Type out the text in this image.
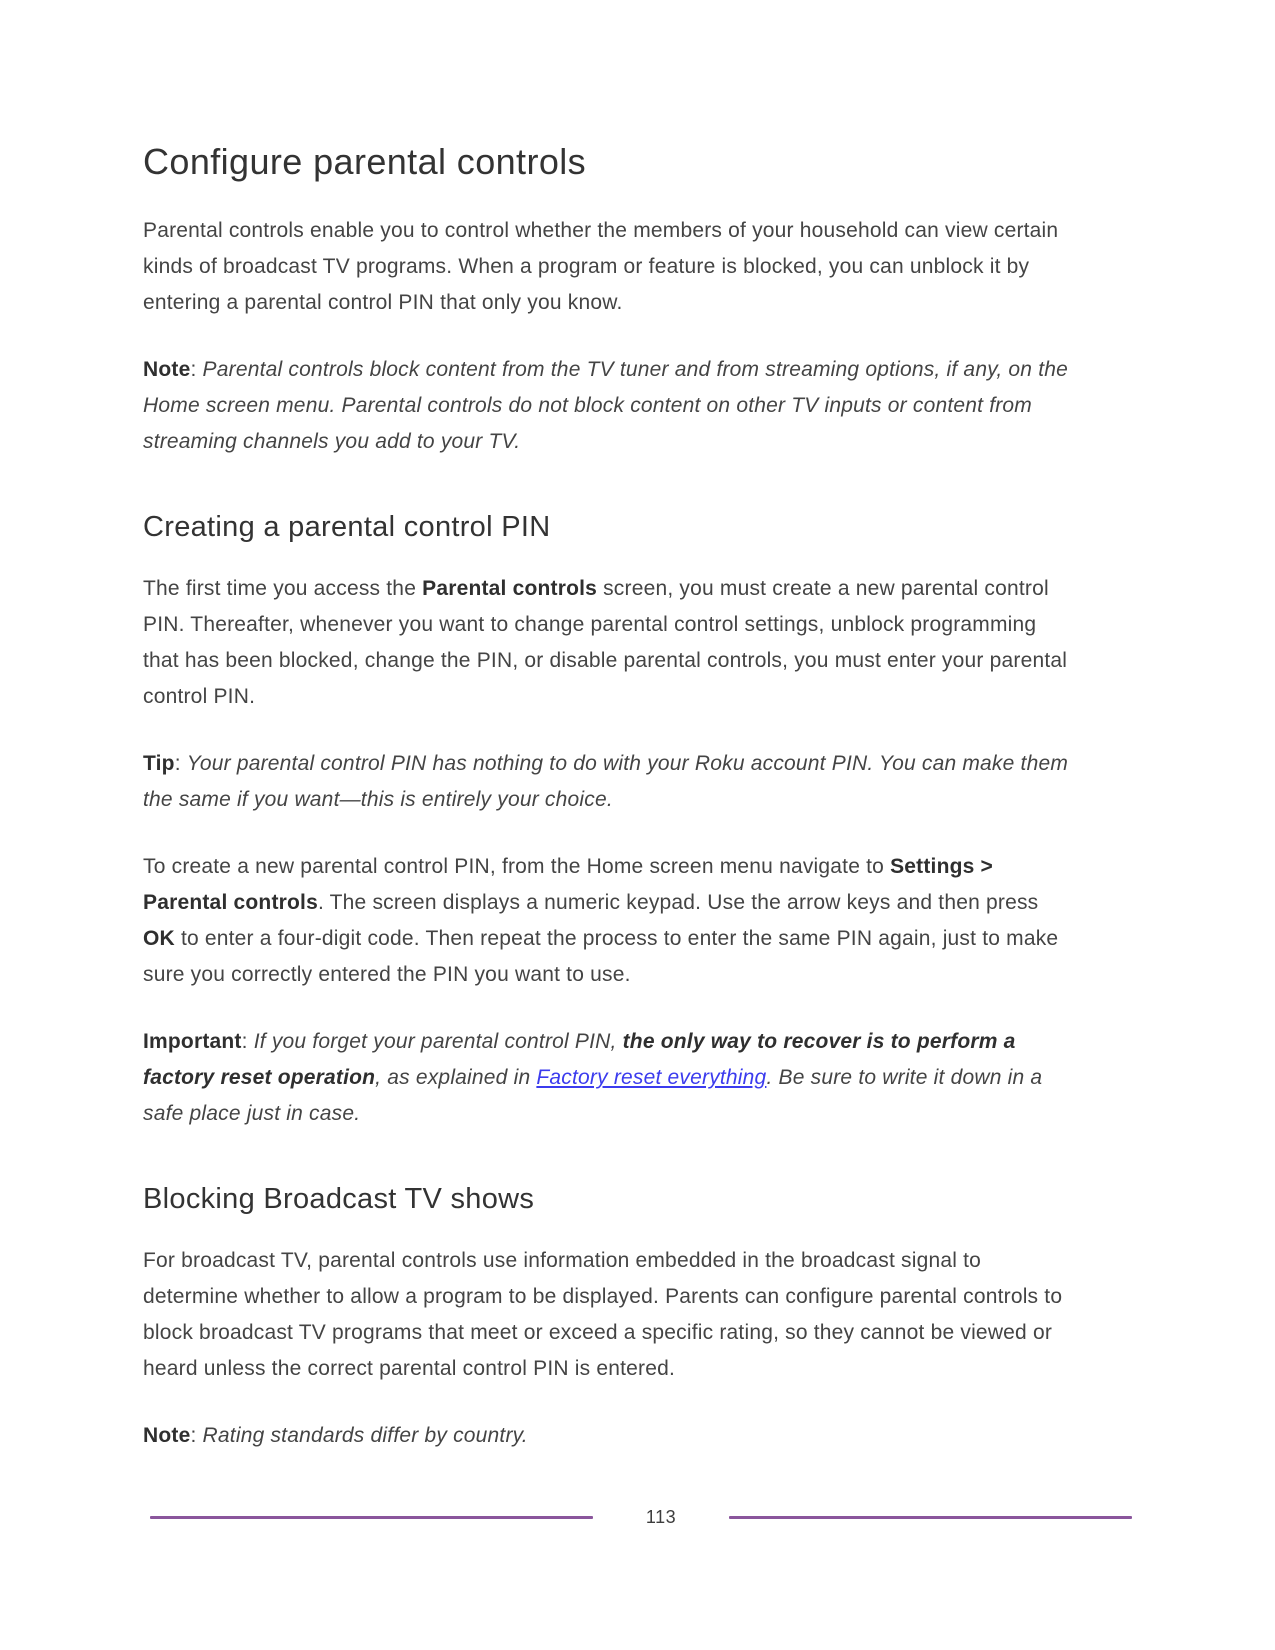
Configure parental controls

Parental controls enable you to control whether the members of your household can view certain kinds of broadcast TV programs. When a program or feature is blocked, you can unblock it by entering a parental control PIN that only you know.

Note: Parental controls block content from the TV tuner and from streaming options, if any, on the Home screen menu. Parental controls do not block content on other TV inputs or content from streaming channels you add to your TV.

Creating a parental control PIN

The first time you access the Parental controls screen, you must create a new parental control PIN. Thereafter, whenever you want to change parental control settings, unblock programming that has been blocked, change the PIN, or disable parental controls, you must enter your parental control PIN.

Tip: Your parental control PIN has nothing to do with your Roku account PIN. You can make them the same if you want—this is entirely your choice.

To create a new parental control PIN, from the Home screen menu navigate to Settings > Parental controls. The screen displays a numeric keypad. Use the arrow keys and then press OK to enter a four-digit code. Then repeat the process to enter the same PIN again, just to make sure you correctly entered the PIN you want to use.

Important: If you forget your parental control PIN, the only way to recover is to perform a factory reset operation, as explained in Factory reset everything. Be sure to write it down in a safe place just in case.

Blocking Broadcast TV shows

For broadcast TV, parental controls use information embedded in the broadcast signal to determine whether to allow a program to be displayed. Parents can configure parental controls to block broadcast TV programs that meet or exceed a specific rating, so they cannot be viewed or heard unless the correct parental control PIN is entered.

Note: Rating standards differ by country.

113
